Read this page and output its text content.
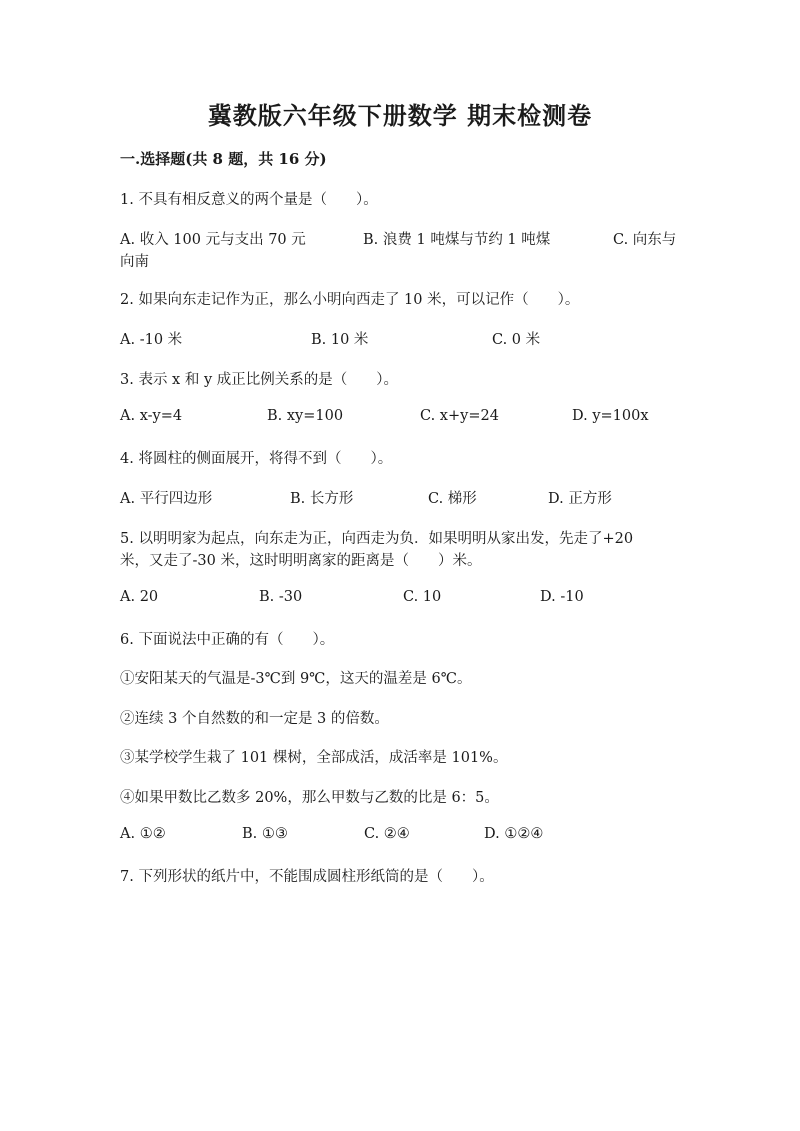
冀教版六年级下册数学 期末检测卷
一.选择题(共 8 题，共 16 分)
1. 不具有相反意义的两个量是（　　）。
A. 收入 100 元与支出 70 元	B. 浪费 1 吨煤与节约 1 吨煤	C. 向东与
向南
2. 如果向东走记作为正，那么小明向西走了 10 米，可以记作（　　）。
A. -10 米	B. 10 米	C. 0 米
3. 表示 x 和 y 成正比例关系的是（　　）。
A. x-y=4	B. xy=100	C. x+y=24	D. y=100x
4. 将圆柱的侧面展开，将得不到（　　）。
A. 平行四边形	B. 长方形	C. 梯形	D. 正方形
5. 以明明家为起点，向东走为正，向西走为负．如果明明从家出发，先走了+20
米，又走了-30 米，这时明明离家的距离是（　　）米。
A. 20	B. -30	C. 10	D. -10
6. 下面说法中正确的有（　　）。
①安阳某天的气温是-3℃到 9℃，这天的温差是 6℃。
②连续 3 个自然数的和一定是 3 的倍数。
③某学校学生栽了 101 棵树，全部成活，成活率是 101%。
④如果甲数比乙数多 20%，那么甲数与乙数的比是 6：5。
A. ①②	B. ①③	C. ②④	D. ①②④
7. 下列形状的纸片中，不能围成圆柱形纸筒的是（　　）。
